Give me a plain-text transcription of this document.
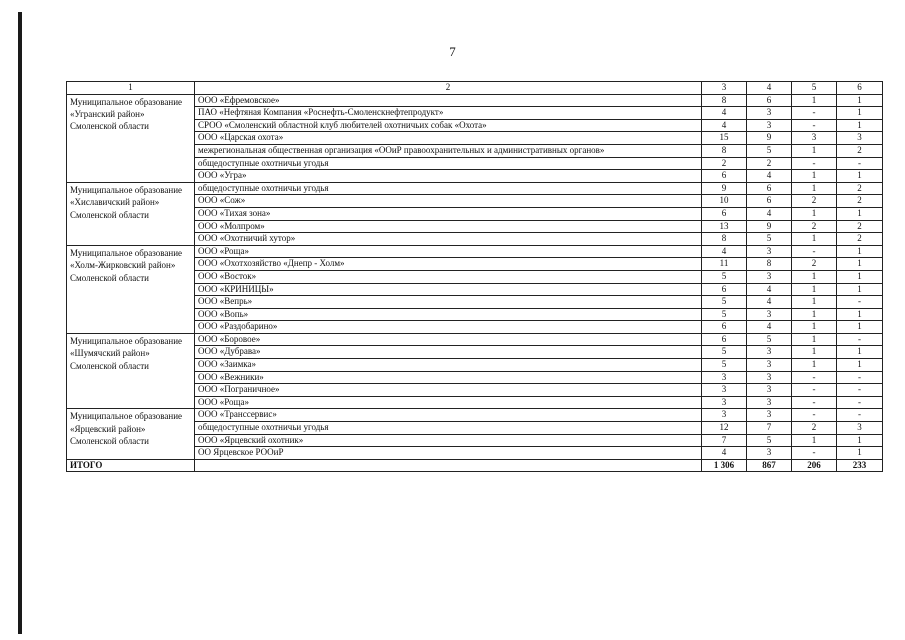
7
1	2	3	4	5	6
Муниципальное образование «Угранский район» Смоленской области	ООО «Ефремовское»	8	6	1	1
	ПАО «Нефтяная Компания «Роснефть-Смоленскнефтепродукт»	4	3	-	1
	СРОО «Смоленский областной клуб любителей охотничьих собак «Охота»	4	3	-	1
	ООО «Царская охота»	15	9	3	3
	межрегиональная общественная организация «ООиР правоохранительных и административных органов»	8	5	1	2
	общедоступные охотничьи угодья	2	2	-	-
	ООО «Угра»	6	4	1	1
Муниципальное образование «Хиславичский район» Смоленской области	общедоступные охотничьи угодья	9	6	1	2
	ООО «Сож»	10	6	2	2
	ООО «Тихая зона»	6	4	1	1
	ООО «Молпром»	13	9	2	2
	ООО «Охотничий хутор»	8	5	1	2
Муниципальное образование «Холм-Жирковский район» Смоленской области	ООО «Роща»	4	3	-	1
	ООО «Охотхозяйство «Днепр - Холм»	11	8	2	1
	ООО «Восток»	5	3	1	1
	ООО «КРИНИЦЫ»	6	4	1	1
	ООО «Вепрь»	5	4	1	-
	ООО «Вопь»	5	3	1	1
	ООО «Раздобарино»	6	4	1	1
Муниципальное образование «Шумячский район» Смоленской области	ООО «Боровое»	6	5	1	-
	ООО «Дубрава»	5	3	1	1
	ООО «Заимка»	5	3	1	1
	ООО «Вежники»	3	3	-	-
	ООО «Пограничное»	3	3	-	-
	ООО «Роща»	3	3	-	-
Муниципальное образование «Ярцевский район» Смоленской области	ООО «Транссервис»	3	3	-	-
	общедоступные охотничьи угодья	12	7	2	3
	ООО «Ярцевский охотник»	7	5	1	1
	ОО Ярцевское РООиР	4	3	-	1
ИТОГО		1 306	867	206	233
